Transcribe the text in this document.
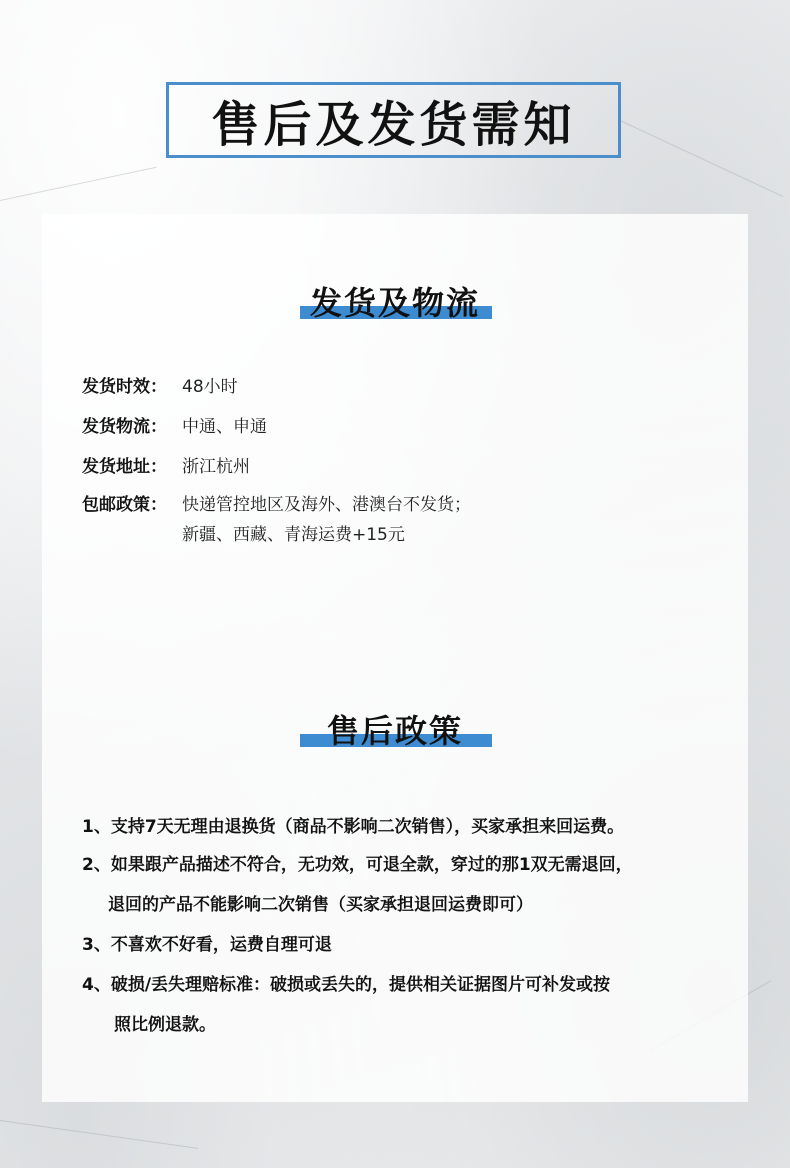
售后及发货需知
发货及物流
发货时效： 48小时
发货物流： 中通、申通
发货地址： 浙江杭州
包邮政策： 快递管控地区及海外、港澳台不发货；
新疆、西藏、青海运费+15元
售后政策
1、支持7天无理由退换货（商品不影响二次销售），买家承担来回运费。
2、如果跟产品描述不符合，无功效，可退全款，穿过的那1双无需退回，
退回的产品不能影响二次销售（买家承担退回运费即可）
3、不喜欢不好看，运费自理可退
4、破损/丢失理赔标准：破损或丢失的，提供相关证据图片可补发或按
照比例退款。
